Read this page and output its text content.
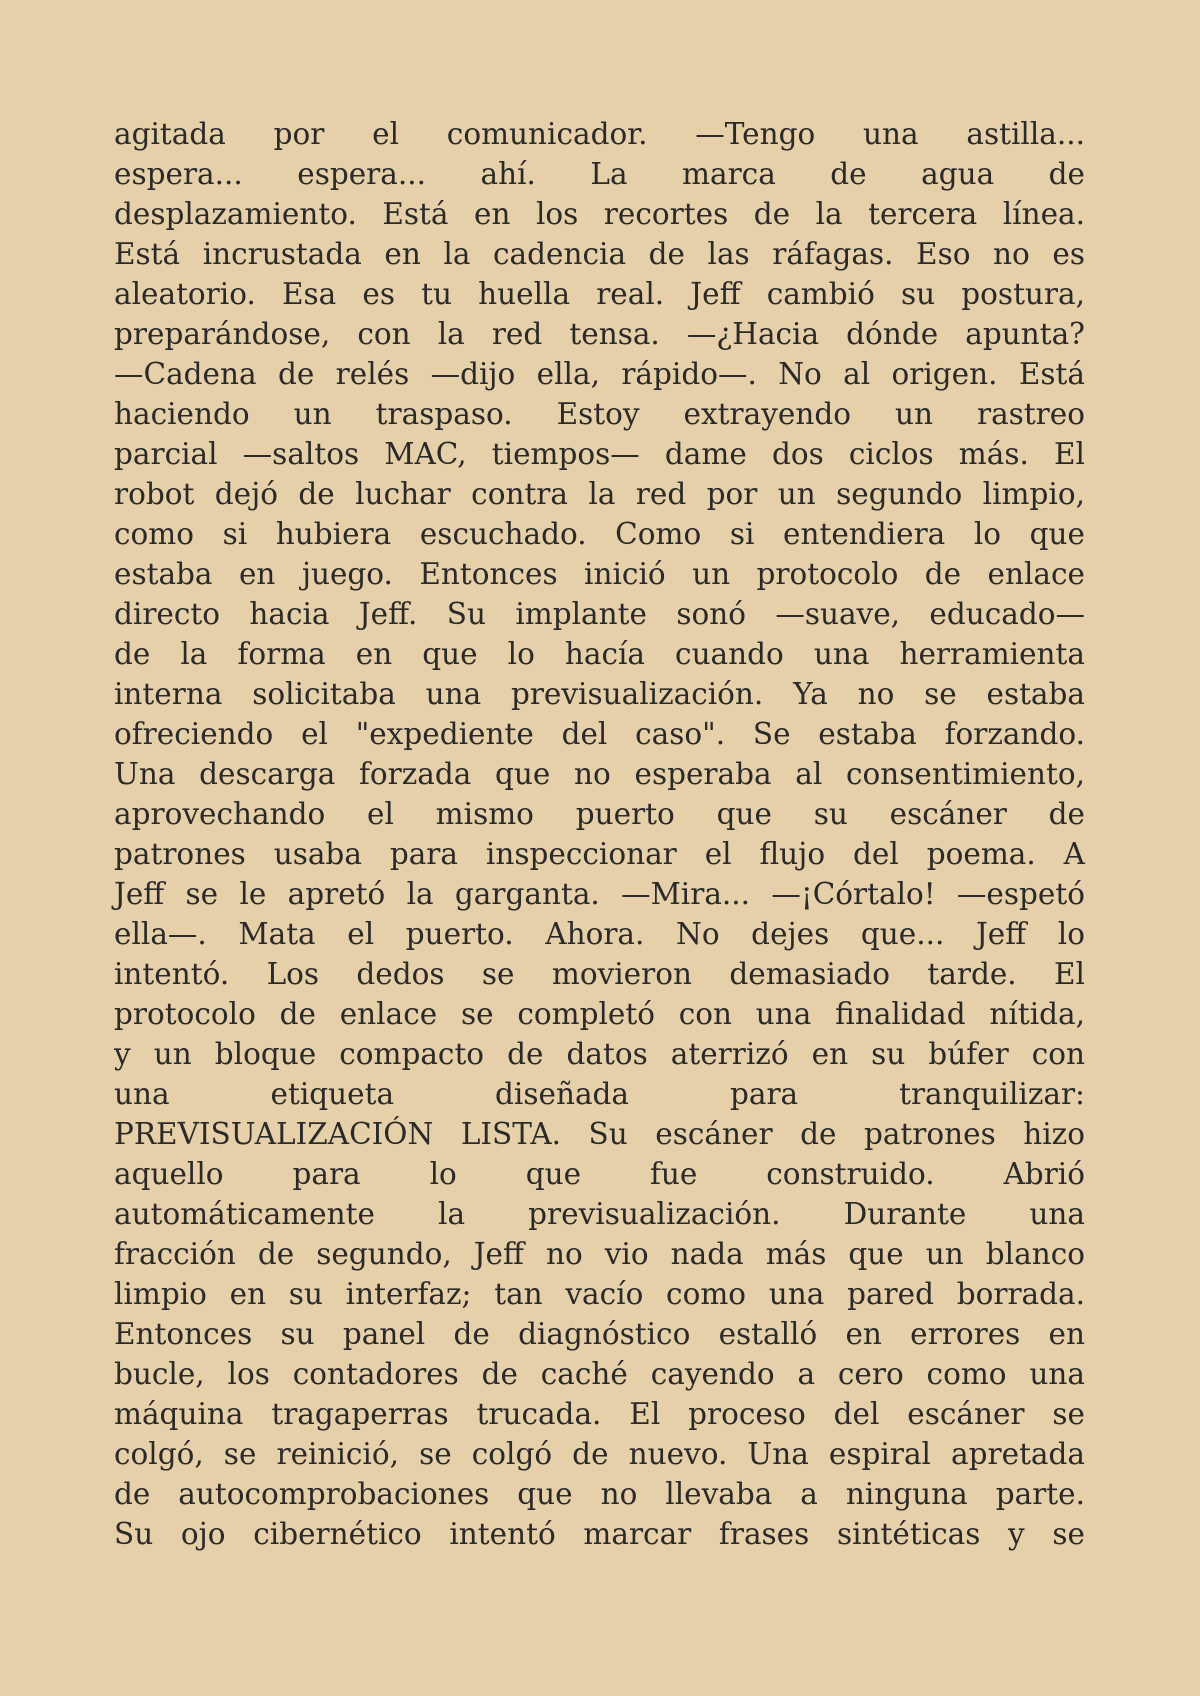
agitada por el comunicador. —Tengo una astilla...
espera... espera... ahí. La marca de agua de
desplazamiento. Está en los recortes de la tercera línea.
Está incrustada en la cadencia de las ráfagas. Eso no es
aleatorio. Esa es tu huella real. Jeff cambió su postura,
preparándose, con la red tensa. —¿Hacia dónde apunta?
—Cadena de relés —dijo ella, rápido—. No al origen. Está
haciendo un traspaso. Estoy extrayendo un rastreo
parcial —saltos MAC, tiempos— dame dos ciclos más. El
robot dejó de luchar contra la red por un segundo limpio,
como si hubiera escuchado. Como si entendiera lo que
estaba en juego. Entonces inició un protocolo de enlace
directo hacia Jeff. Su implante sonó —suave, educado—
de la forma en que lo hacía cuando una herramienta
interna solicitaba una previsualización. Ya no se estaba
ofreciendo el "expediente del caso". Se estaba forzando.
Una descarga forzada que no esperaba al consentimiento,
aprovechando el mismo puerto que su escáner de
patrones usaba para inspeccionar el flujo del poema. A
Jeff se le apretó la garganta. —Mira... —¡Córtalo! —espetó
ella—. Mata el puerto. Ahora. No dejes que... Jeff lo
intentó. Los dedos se movieron demasiado tarde. El
protocolo de enlace se completó con una finalidad nítida,
y un bloque compacto de datos aterrizó en su búfer con
una etiqueta diseñada para tranquilizar:
PREVISUALIZACIÓN LISTA. Su escáner de patrones hizo
aquello para lo que fue construido. Abrió
automáticamente la previsualización. Durante una
fracción de segundo, Jeff no vio nada más que un blanco
limpio en su interfaz; tan vacío como una pared borrada.
Entonces su panel de diagnóstico estalló en errores en
bucle, los contadores de caché cayendo a cero como una
máquina tragaperras trucada. El proceso del escáner se
colgó, se reinició, se colgó de nuevo. Una espiral apretada
de autocomprobaciones que no llevaba a ninguna parte.
Su ojo cibernético intentó marcar frases sintéticas y se
